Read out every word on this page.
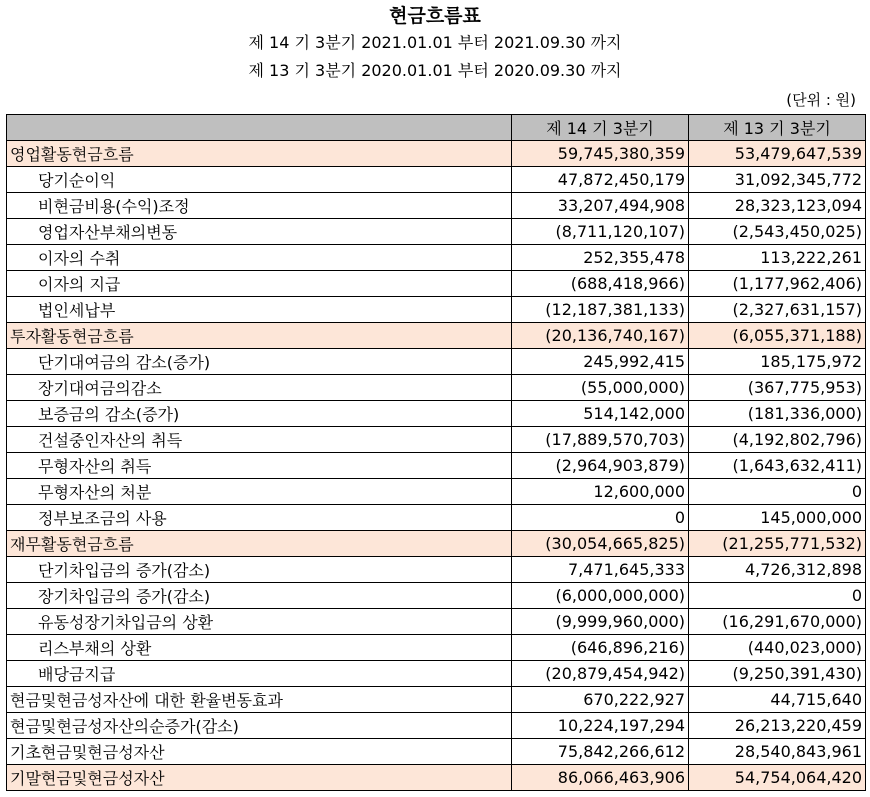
현금흐름표
제 14 기 3분기 2021.01.01 부터 2021.09.30 까지
제 13 기 3분기 2020.01.01 부터 2020.09.30 까지
(단위 : 원)
	제 14 기 3분기	제 13 기 3분기
영업활동현금흐름	59,745,380,359	53,479,647,539
당기순이익	47,872,450,179	31,092,345,772
비현금비용(수익)조정	33,207,494,908	28,323,123,094
영업자산부채의변동	(8,711,120,107)	(2,543,450,025)
이자의 수취	252,355,478	113,222,261
이자의 지급	(688,418,966)	(1,177,962,406)
법인세납부	(12,187,381,133)	(2,327,631,157)
투자활동현금흐름	(20,136,740,167)	(6,055,371,188)
단기대여금의 감소(증가)	245,992,415	185,175,972
장기대여금의감소	(55,000,000)	(367,775,953)
보증금의 감소(증가)	514,142,000	(181,336,000)
건설중인자산의 취득	(17,889,570,703)	(4,192,802,796)
무형자산의 취득	(2,964,903,879)	(1,643,632,411)
무형자산의 처분	12,600,000	0
정부보조금의 사용	0	145,000,000
재무활동현금흐름	(30,054,665,825)	(21,255,771,532)
단기차입금의 증가(감소)	7,471,645,333	4,726,312,898
장기차입금의 증가(감소)	(6,000,000,000)	0
유동성장기차입금의 상환	(9,999,960,000)	(16,291,670,000)
리스부채의 상환	(646,896,216)	(440,023,000)
배당금지급	(20,879,454,942)	(9,250,391,430)
현금및현금성자산에 대한 환율변동효과	670,222,927	44,715,640
현금및현금성자산의순증가(감소)	10,224,197,294	26,213,220,459
기초현금및현금성자산	75,842,266,612	28,540,843,961
기말현금및현금성자산	86,066,463,906	54,754,064,420
